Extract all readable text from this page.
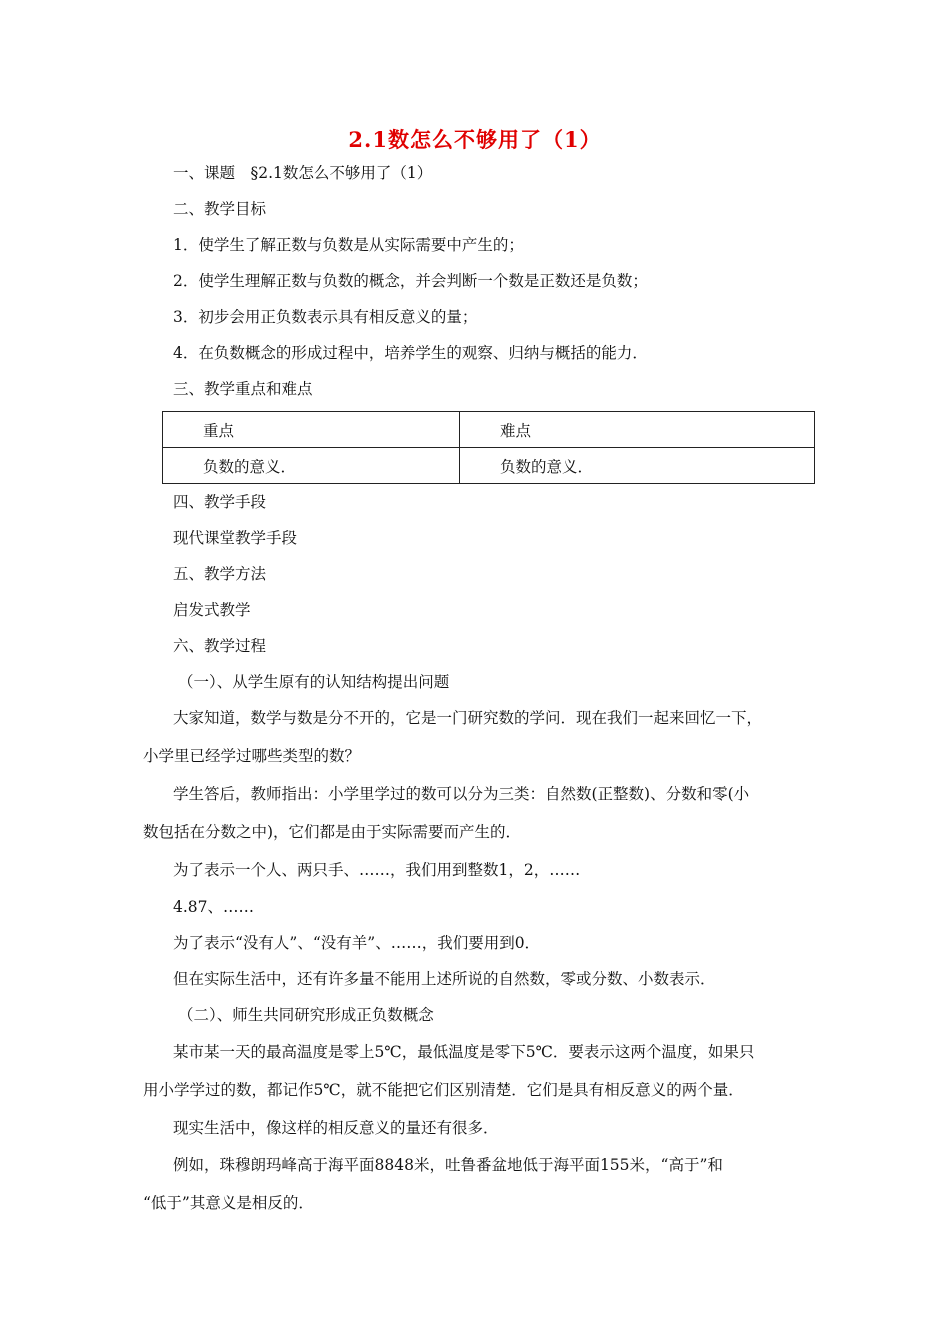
2.1数怎么不够用了（1）
一、课题　§2.1数怎么不够用了（1）
二、教学目标
1．使学生了解正数与负数是从实际需要中产生的；
2．使学生理解正数与负数的概念，并会判断一个数是正数还是负数；
3．初步会用正负数表示具有相反意义的量；
4．在负数概念的形成过程中，培养学生的观察、归纳与概括的能力．
三、教学重点和难点
重点	难点
负数的意义．	负数的意义．
四、教学手段
现代课堂教学手段
五、教学方法
启发式教学
六、教学过程
（一）、从学生原有的认知结构提出问题
大家知道，数学与数是分不开的，它是一门研究数的学问．现在我们一起来回忆一下，
小学里已经学过哪些类型的数？
学生答后，教师指出：小学里学过的数可以分为三类：自然数(正整数)、分数和零(小
数包括在分数之中)，它们都是由于实际需要而产生的．
为了表示一个人、两只手、……，我们用到整数1，2，……
4.87、……
为了表示“没有人”、“没有羊”、……，我们要用到0．
但在实际生活中，还有许多量不能用上述所说的自然数，零或分数、小数表示．
（二）、师生共同研究形成正负数概念
某市某一天的最高温度是零上5℃，最低温度是零下5℃．要表示这两个温度，如果只
用小学学过的数，都记作5℃，就不能把它们区别清楚．它们是具有相反意义的两个量．
现实生活中，像这样的相反意义的量还有很多．
例如，珠穆朗玛峰高于海平面8848米，吐鲁番盆地低于海平面155米，“高于”和
“低于”其意义是相反的．
